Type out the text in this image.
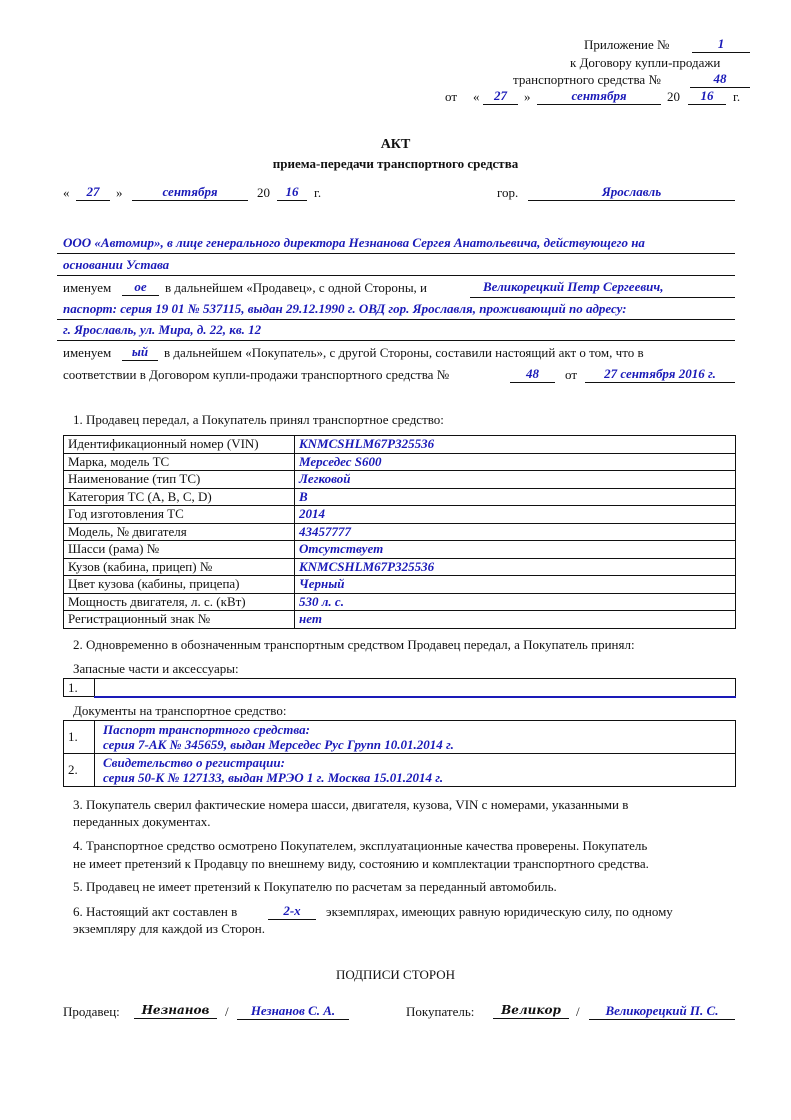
Приложение №	1
к Договору купли-продажи
транспортного средства №	48
от «	27	»	сентября	20	16	г.
АКТ
приема-передачи транспортного средства
«	27	»	сентября	20	16	г.	гор.	Ярославль
ООО «Автомир», в лице генерального директора Незнанова Сергея Анатольевича, действующего на
основании Устава
именуем	ое	в дальнейшем «Продавец», с одной Стороны, и	Великорецкий Петр Сергеевич,
паспорт: серия 19 01 № 537115, выдан 29.12.1990 г. ОВД гор. Ярославля, проживающий по адресу:
г. Ярославль, ул. Мира, д. 22, кв. 12
именуем	ый	в дальнейшем «Покупатель», с другой Стороны, составили настоящий акт о том, что в
соответствии в Договором купли-продажи транспортного средства №	48	от	27 сентября 2016 г.
1. Продавец передал, а Покупатель принял транспортное средство:
Идентификационный номер (VIN)	KNMCSHLM67P325536
Марка, модель ТС	Мерседес S600
Наименование (тип ТС)	Легковой
Категория ТС (A, B, C, D)	B
Год изготовления ТС	2014
Модель, № двигателя	43457777
Шасси (рама) №	Отсутствует
Кузов (кабина, прицеп) №	KNMCSHLM67P325536
Цвет кузова (кабины, прицепа)	Черный
Мощность двигателя, л. с. (кВт)	530 л. с.
Регистрационный знак №	нет
2. Одновременно в обозначенным транспортным средством Продавец передал, а Покупатель принял:
Запасные части и аксессуары:
1.	
Документы на транспортное средство:
1.	Паспорт транспортного средства:
серия 7-АК № 345659, выдан Мерседес Рус Групп 10.01.2014 г.

2.	Свидетельство о регистрации:
серия 50-К № 127133, выдан МРЭО 1 г. Москва 15.01.2014 г.
3. Покупатель сверил фактические номера шасси, двигателя, кузова, VIN с номерами, указанными в
переданных документах.
4. Транспортное средство осмотрено Покупателем, эксплуатационные качества проверены. Покупатель
не имеет претензий к Продавцу по внешнему виду, состоянию и комплектации транспортного средства.
5. Продавец не имеет претензий к Покупателю по расчетам за переданный автомобиль.
6. Настоящий акт составлен в	2-х	экземплярах, имеющих равную юридическую силу, по одному
экземпляру для каждой из Сторон.
ПОДПИСИ СТОРОН
Продавец:	Незнанов	/	Незнанов С. А.	Покупатель:	Великор	/	Великорецкий П. С.
